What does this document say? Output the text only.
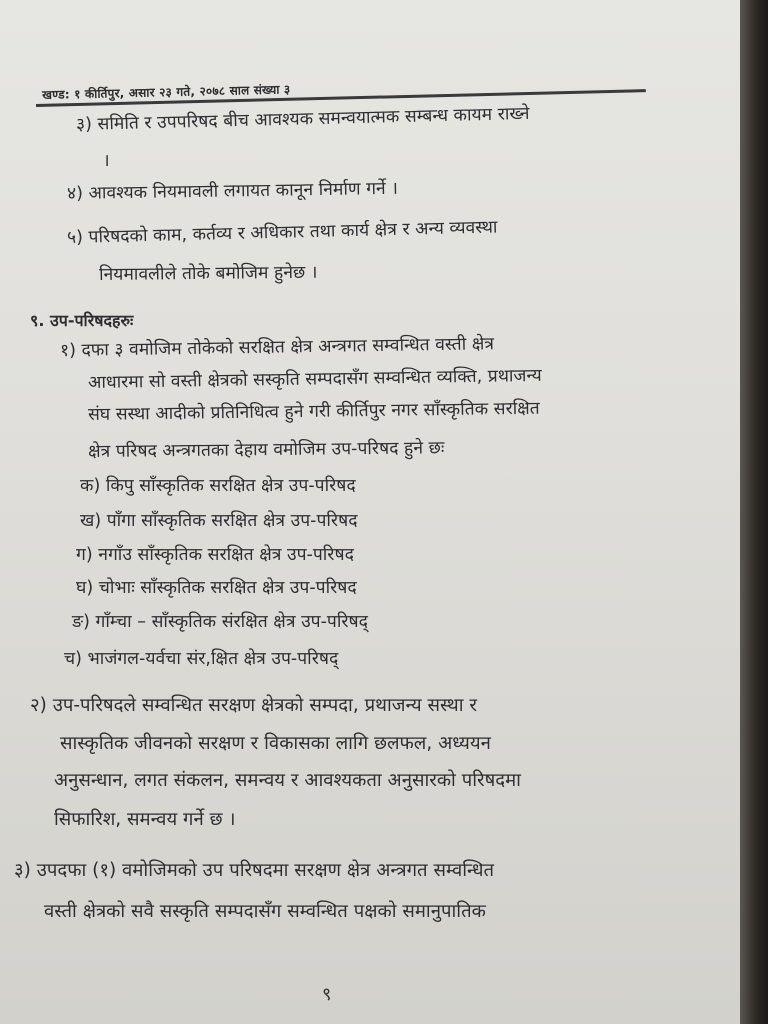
खण्ड: १ कीर्तिपुर, असार २३ गते, २०७८ साल संख्या ३
३) समिति र उपपरिषद बीच आवश्यक समन्वयात्मक सम्बन्ध कायम राख्ने
।
४) आवश्यक नियमावली लगायत कानून निर्माण गर्ने ।
५) परिषदको काम, कर्तव्य र अधिकार तथा कार्य क्षेत्र र अन्य व्यवस्था
नियमावलीले तोके बमोजिम हुनेछ ।
९. उप-परिषदहरुः
१) दफा ३ वमोजिम तोकेको सरक्षित क्षेत्र अन्त्रगत सम्वन्धित वस्ती क्षेत्र
आधारमा सो वस्ती क्षेत्रको सस्कृति सम्पदासँग सम्वन्धित व्यक्ति, प्रथाजन्य
संघ सस्था आदीको प्रतिनिधित्व हुने गरी कीर्तिपुर नगर साँस्कृतिक सरक्षित
क्षेत्र परिषद अन्त्रगतका देहाय वमोजिम उप-परिषद हुने छः
क) किपु साँस्कृतिक सरक्षित क्षेत्र उप-परिषद
ख) पाँगा साँस्कृतिक सरक्षित क्षेत्र उप-परिषद
ग) नगाँउ साँस्कृतिक सरक्षित क्षेत्र उप-परिषद
घ) चोभाः साँस्कृतिक सरक्षित क्षेत्र उप-परिषद
ङ) गाँम्चा – साँस्कृतिक संरक्षित क्षेत्र उप-परिषद्
च) भाजंगल-यर्वचा संर,क्षित क्षेत्र उप-परिषद्
२) उप-परिषदले सम्वन्धित सरक्षण क्षेत्रको सम्पदा, प्रथाजन्य सस्था र
सास्कृतिक जीवनको सरक्षण र विकासका लागि छलफल, अध्ययन
अनुसन्धान, लगत संकलन, समन्वय र आवश्यकता अनुसारको परिषदमा
सिफारिश, समन्वय गर्ने छ ।
३) उपदफा (१) वमोजिमको उप परिषदमा सरक्षण क्षेत्र अन्त्रगत सम्वन्धित
वस्ती क्षेत्रको सवै सस्कृति सम्पदासँग सम्वन्धित पक्षको समानुपातिक
९
